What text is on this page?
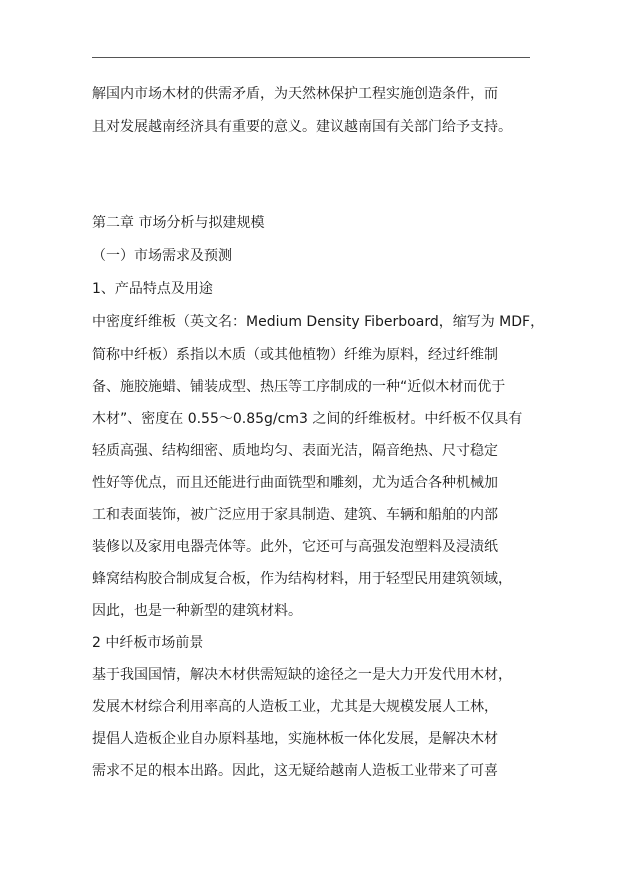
解国内市场木材的供需矛盾，为天然林保护工程实施创造条件，而
且对发展越南经济具有重要的意义。建议越南国有关部门给予支持。
第二章 市场分析与拟建规模
（一）市场需求及预测
1、产品特点及用途
中密度纤维板（英文名：Medium Density Fiberboard，缩写为 MDF，
简称中纤板）系指以木质（或其他植物）纤维为原料，经过纤维制
备、施胶施蜡、铺装成型、热压等工序制成的一种“近似木材而优于
木材”、密度在 0.55～0.85g/cm3 之间的纤维板材。中纤板不仅具有
轻质高强、结构细密、质地均匀、表面光洁，隔音绝热、尺寸稳定
性好等优点，而且还能进行曲面铣型和雕刻，尤为适合各种机械加
工和表面装饰，被广泛应用于家具制造、建筑、车辆和船舶的内部
装修以及家用电器壳体等。此外，它还可与高强发泡塑料及浸渍纸
蜂窝结构胶合制成复合板，作为结构材料，用于轻型民用建筑领域，
因此，也是一种新型的建筑材料。
2 中纤板市场前景
基于我国国情，解决木材供需短缺的途径之一是大力开发代用木材，
发展木材综合利用率高的人造板工业，尤其是大规模发展人工林，
提倡人造板企业自办原料基地，实施林板一体化发展，是解决木材
需求不足的根本出路。因此，这无疑给越南人造板工业带来了可喜
